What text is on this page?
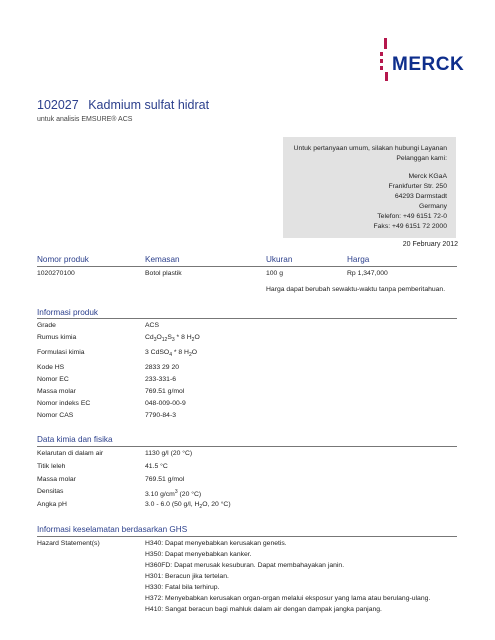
MERCK
102027 Kadmium sulfat hidrat
untuk analisis EMSURE® ACS
Untuk pertanyaan umum, silakan hubungi Layanan Pelanggan kami:
Merck KGaA
Frankfurter Str. 250
64293 Darmstadt
Germany
Telefon: +49 6151 72-0
Faks: +49 6151 72 2000
20 February 2012
Nomor produk	Kemasan	Ukuran	Harga
1020270100	Botol plastik	100 g	Rp 1,347,000
Harga dapat berubah sewaktu-waktu tanpa pemberitahuan.
Informasi produk
Grade	ACS
Rumus kimia	$Cd_3O_{12}S_3 * 8$ $H_2O$
Formulasi kimia	3 CdSO$_4$ * 8 $H_2O$
Kode HS	2833 29 20
Nomor EC	233-331-6
Massa molar	769.51 g/mol
Nomor indeks EC	048-009-00-9
Nomor CAS	7790-84-3
Data kimia dan fisika
Kelarutan di dalam air	1130 g/l (20 °C)
Titik leleh	41.5 °C
Massa molar	769.51 g/mol
Densitas	3.10 $g/cm^3$ (20 °C)
Angka pH	3.0 - 6.0 (50 g/l, $H_2O$, 20 °C)
Informasi keselamatan berdasarkan GHS
Hazard Statement(s)	H340: Dapat menyebabkan kerusakan genetis.
H350: Dapat menyebabkan kanker.
H360FD: Dapat merusak kesuburan. Dapat membahayakan janin.
H301: Beracun jika tertelan.
H330: Fatal bila terhirup.
H372: Menyebabkan kerusakan organ-organ melalui eksposur yang lama atau berulang-ulang.
H410: Sangat beracun bagi mahluk dalam air dengan dampak jangka panjang.
